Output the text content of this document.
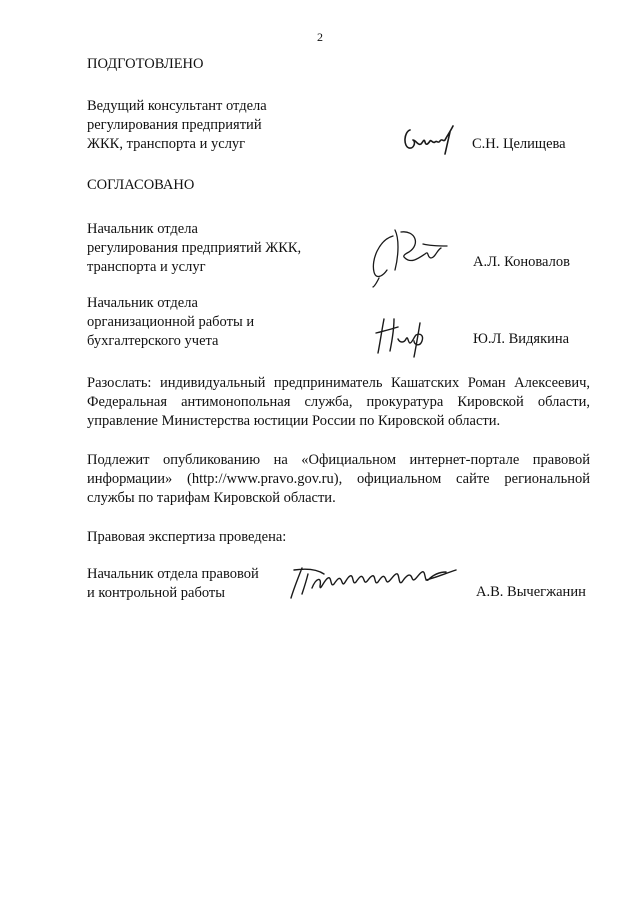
2
ПОДГОТОВЛЕНО
Ведущий консультант отдела
регулирования предприятий
ЖКК, транспорта и услуг	С.Н. Целищева
СОГЛАСОВАНО
Начальник отдела
регулирования предприятий ЖКК,
транспорта и услуг	А.Л. Коновалов
Начальник отдела
организационной работы и
бухгалтерского учета	Ю.Л. Видякина
Разослать: индивидуальный предприниматель Кашатских Роман Алексеевич, Федеральная антимонопольная служба, прокуратура Кировской области, управление Министерства юстиции России по Кировской области.
Подлежит опубликованию на «Официальном интернет-портале правовой информации» (http://www.pravo.gov.ru), официальном сайте региональной службы по тарифам Кировской области.
Правовая экспертиза проведена:
Начальник отдела правовой
и контрольной работы	А.В. Вычегжанин
